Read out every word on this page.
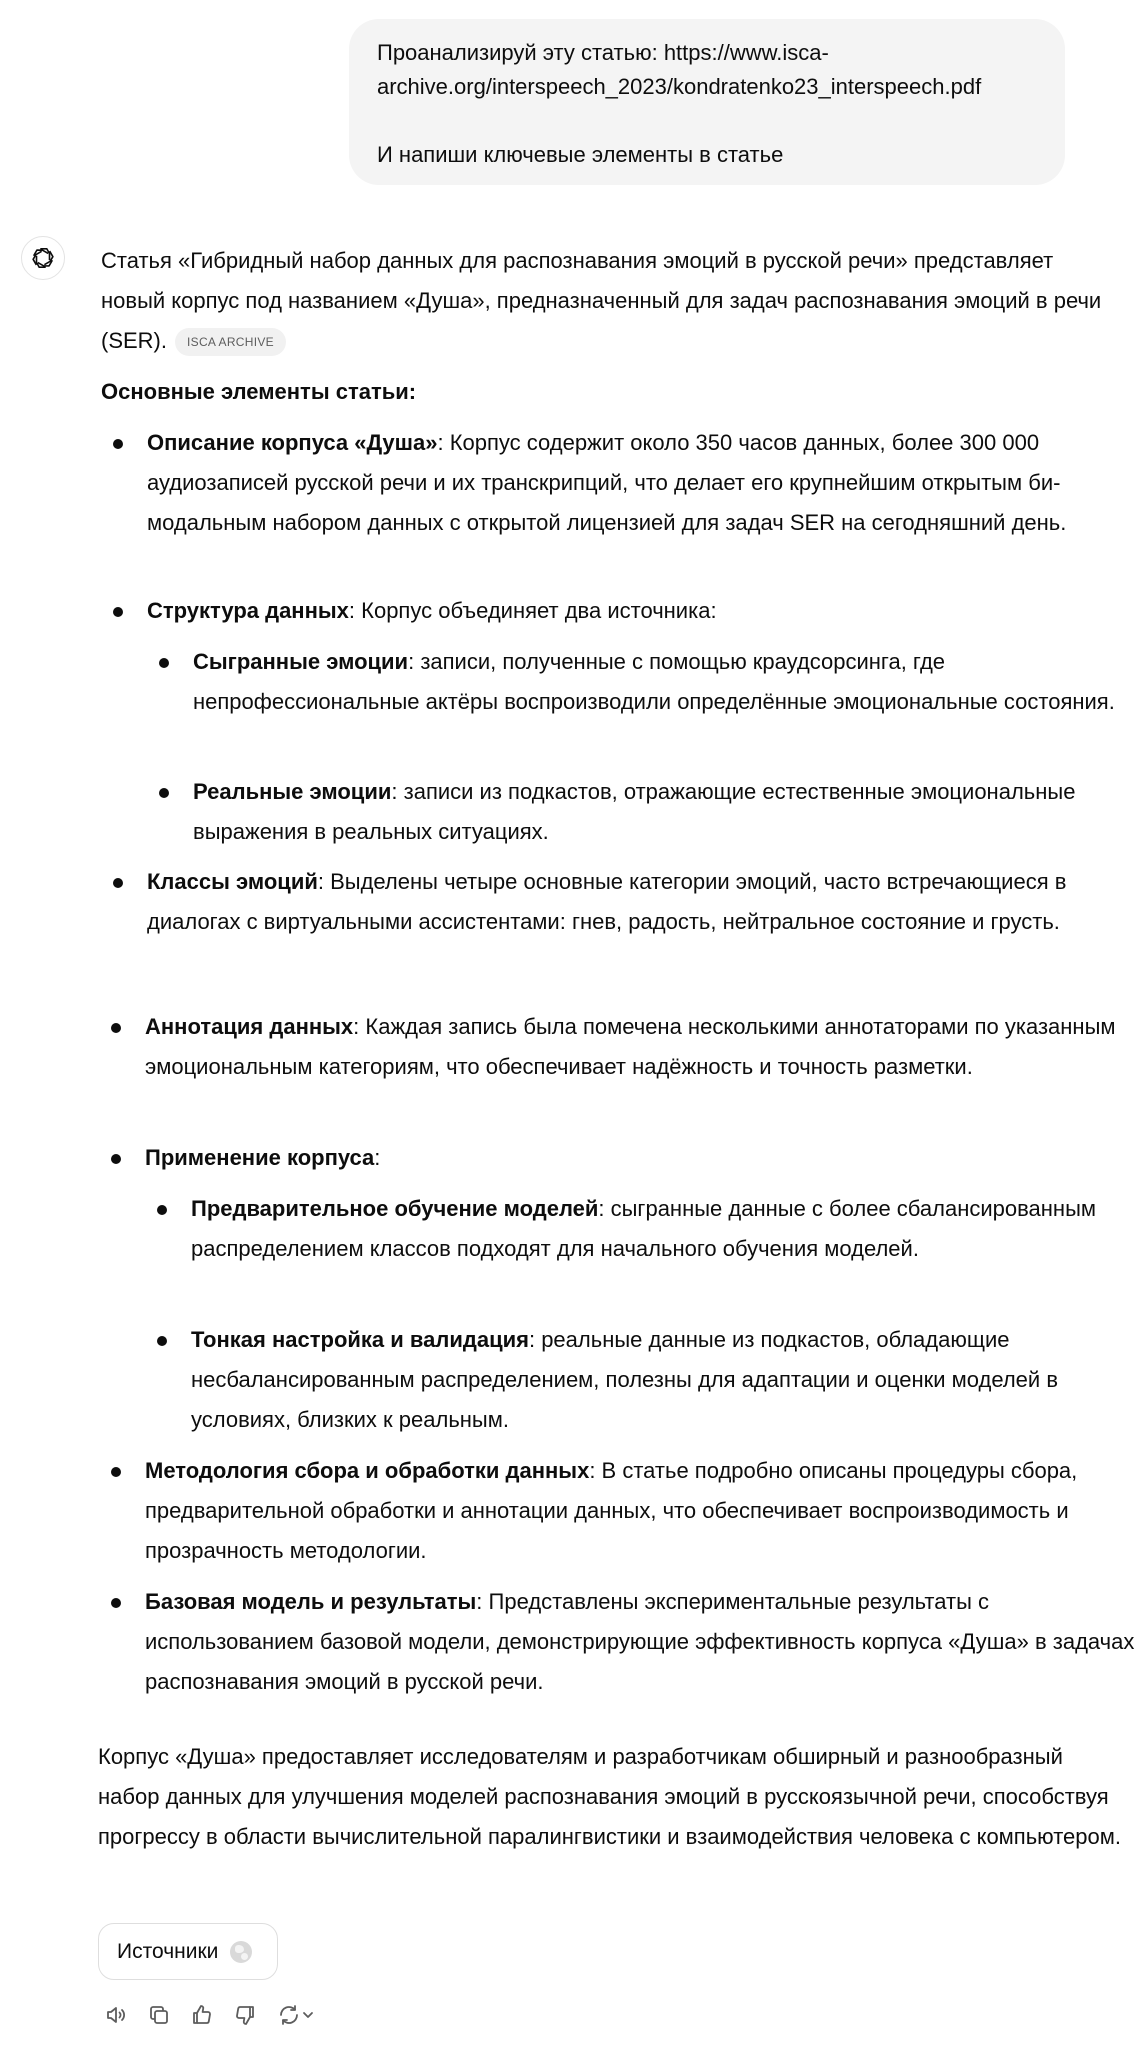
Проанализируй эту статью: https://www.isca-

archive.org/interspeech_2023/kondratenko23_interspeech.pdf

И напиши ключевые элементы в статье

Статья «Гибридный набор данных для распознавания эмоций в русской речи» представляет новый корпус под названием «Душа», предназначенный для задач распознавания эмоций в речи (SER). ISCA ARCHIVE

Основные элементы статьи:

Описание корпуса «Душа»: Корпус содержит около 350 часов данных, более 300 000 аудиозаписей русской речи и их транскрипций, что делает его крупнейшим открытым би-модальным набором данных с открытой лицензией для задач SER на сегодняшний день.

Структура данных: Корпус объединяет два источника:

Сыгранные эмоции: записи, полученные с помощью краудсорсинга, где непрофессиональные актёры воспроизводили определённые эмоциональные состояния.

Реальные эмоции: записи из подкастов, отражающие естественные эмоциональные выражения в реальных ситуациях.

Классы эмоций: Выделены четыре основные категории эмоций, часто встречающиеся в диалогах с виртуальными ассистентами: гнев, радость, нейтральное состояние и грусть.

Аннотация данных: Каждая запись была помечена несколькими аннотаторами по указанным эмоциональным категориям, что обеспечивает надёжность и точность разметки.

Применение корпуса:

Предварительное обучение моделей: сыгранные данные с более сбалансированным распределением классов подходят для начального обучения моделей.

Тонкая настройка и валидация: реальные данные из подкастов, обладающие несбалансированным распределением, полезны для адаптации и оценки моделей в условиях, близких к реальным.

Методология сбора и обработки данных: В статье подробно описаны процедуры сбора, предварительной обработки и аннотации данных, что обеспечивает воспроизводимость и прозрачность методологии.

Базовая модель и результаты: Представлены экспериментальные результаты с использованием базовой модели, демонстрирующие эффективность корпуса «Душа» в задачах распознавания эмоций в русской речи.

Корпус «Душа» предоставляет исследователям и разработчикам обширный и разнообразный набор данных для улучшения моделей распознавания эмоций в русскоязычной речи, способствуя прогрессу в области вычислительной паралингвистики и взаимодействия человека с компьютером.

Источники
